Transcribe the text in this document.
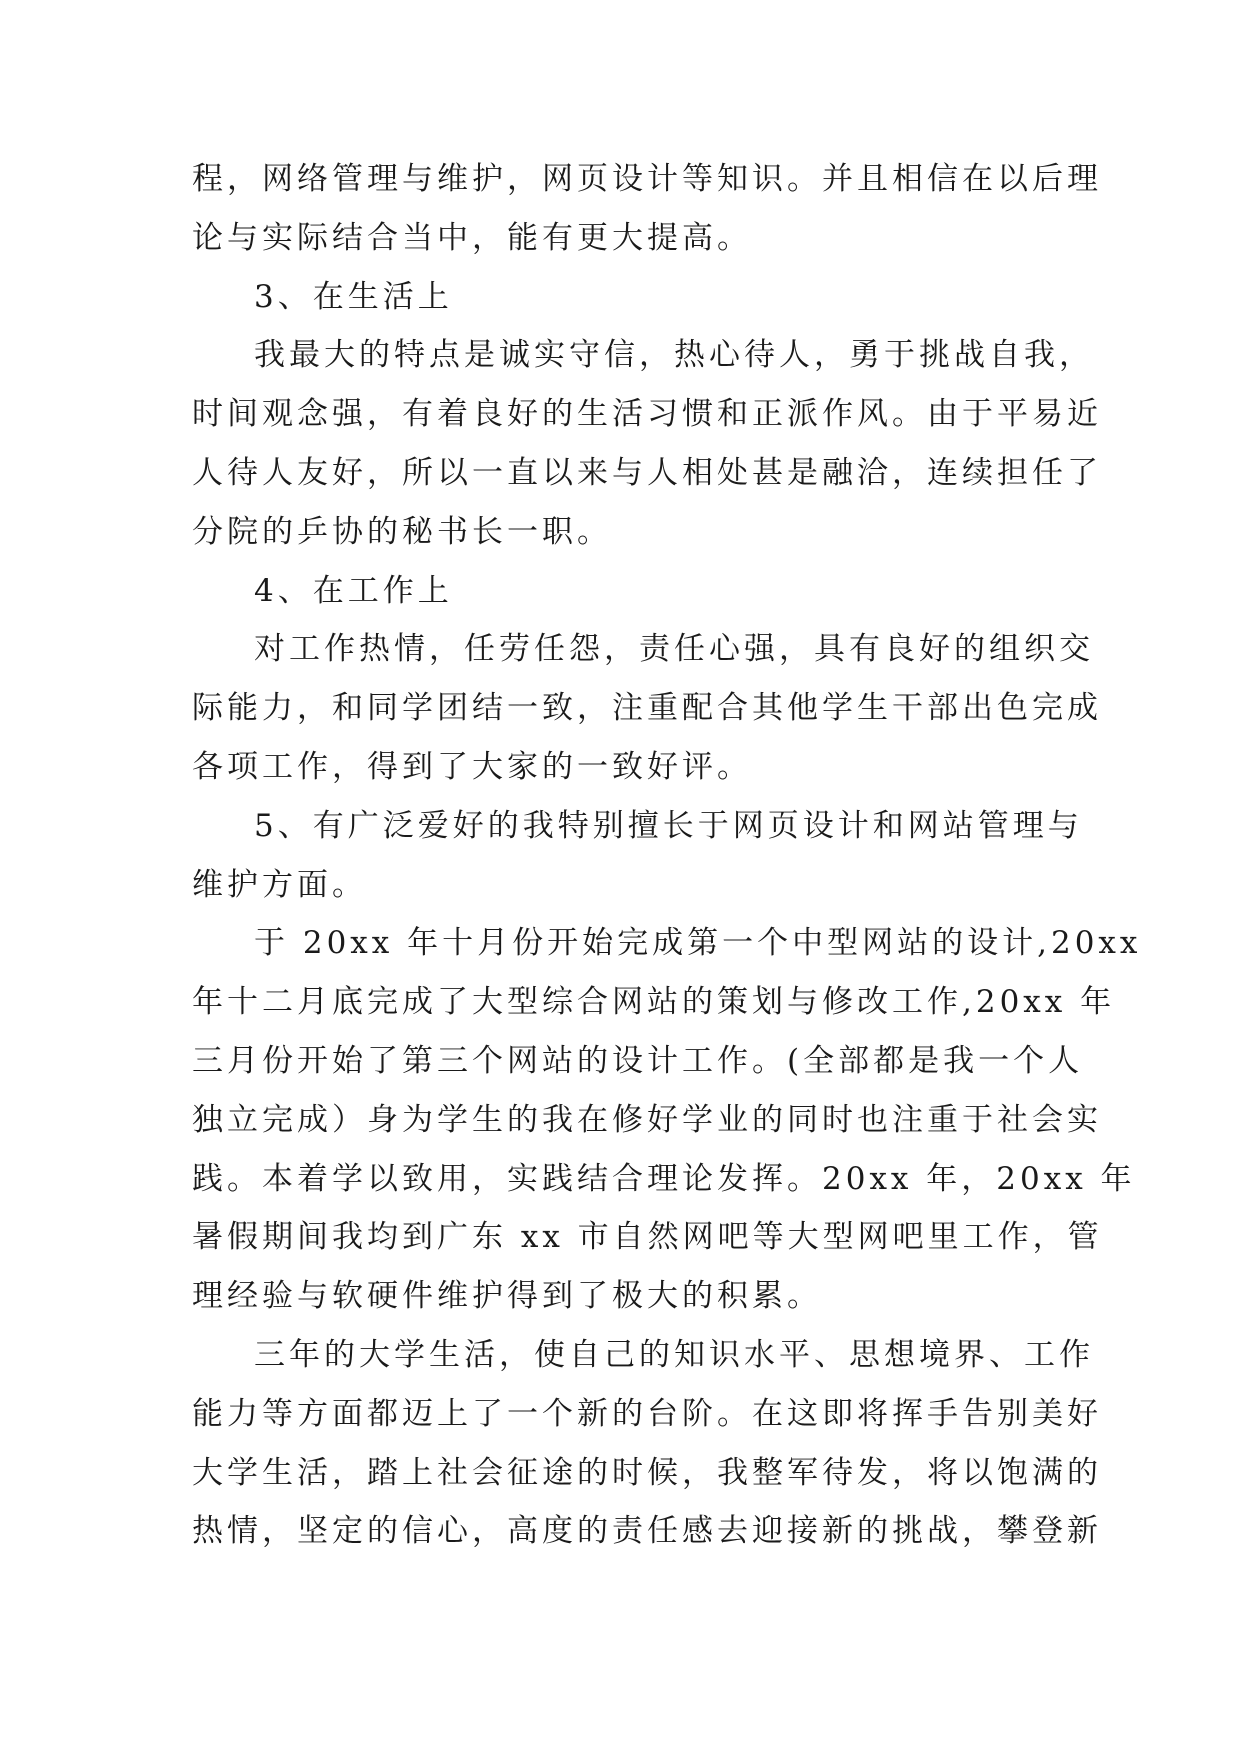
程，网络管理与维护，网页设计等知识。并且相信在以后理
论与实际结合当中，能有更大提高。
3、在生活上
我最大的特点是诚实守信，热心待人，勇于挑战自我，
时间观念强，有着良好的生活习惯和正派作风。由于平易近
人待人友好，所以一直以来与人相处甚是融洽，连续担任了
分院的乒协的秘书长一职。
4、在工作上
对工作热情，任劳任怨，责任心强，具有良好的组织交
际能力，和同学团结一致，注重配合其他学生干部出色完成
各项工作，得到了大家的一致好评。
5、有广泛爱好的我特别擅长于网页设计和网站管理与
维护方面。
于 20xx 年十月份开始完成第一个中型网站的设计,20xx
年十二月底完成了大型综合网站的策划与修改工作,20xx 年
三月份开始了第三个网站的设计工作。(全部都是我一个人
独立完成）身为学生的我在修好学业的同时也注重于社会实
践。本着学以致用，实践结合理论发挥。20xx 年，20xx 年
暑假期间我均到广东 xx 市自然网吧等大型网吧里工作，管
理经验与软硬件维护得到了极大的积累。
三年的大学生活，使自己的知识水平、思想境界、工作
能力等方面都迈上了一个新的台阶。在这即将挥手告别美好
大学生活，踏上社会征途的时候，我整军待发，将以饱满的
热情，坚定的信心，高度的责任感去迎接新的挑战，攀登新
